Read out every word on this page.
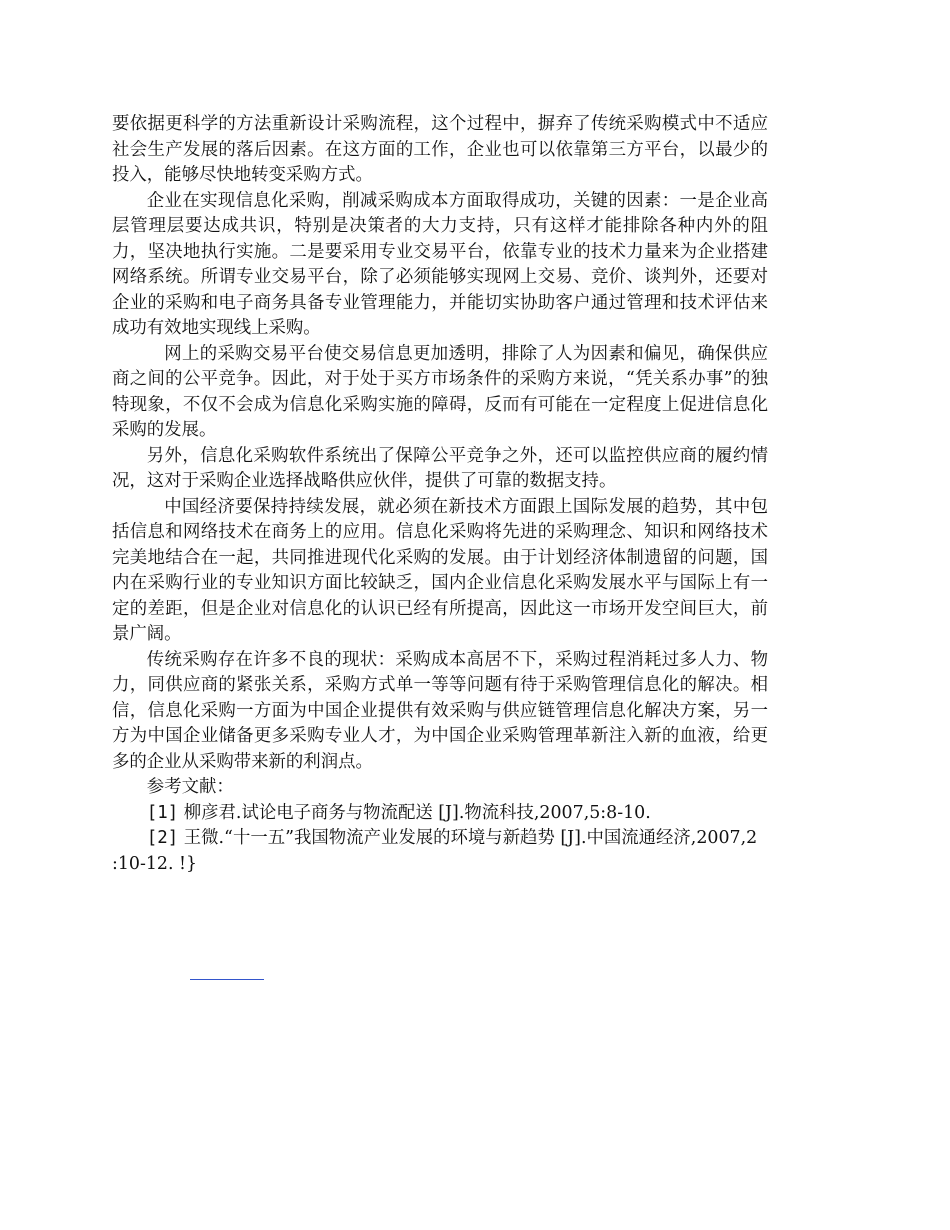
要依据更科学的方法重新设计采购流程，这个过程中，摒弃了传统采购模式中不适应社会生产发展的落后因素。在这方面的工作，企业也可以依靠第三方平台，以最少的投入，能够尽快地转变采购方式。

企业在实现信息化采购，削减采购成本方面取得成功，关键的因素：一是企业高层管理层要达成共识，特别是决策者的大力支持，只有这样才能排除各种内外的阻力，坚决地执行实施。二是要采用专业交易平台，依靠专业的技术力量来为企业搭建网络系统。所谓专业交易平台，除了必须能够实现网上交易、竞价、谈判外，还要对企业的采购和电子商务具备专业管理能力，并能切实协助客户通过管理和技术评估来成功有效地实现线上采购。

网上的采购交易平台使交易信息更加透明，排除了人为因素和偏见，确保供应商之间的公平竞争。因此，对于处于买方市场条件的采购方来说，“凭关系办事”的独特现象，不仅不会成为信息化采购实施的障碍，反而有可能在一定程度上促进信息化采购的发展。

另外，信息化采购软件系统出了保障公平竞争之外，还可以监控供应商的履约情况，这对于采购企业选择战略供应伙伴，提供了可靠的数据支持。

中国经济要保持持续发展，就必须在新技术方面跟上国际发展的趋势，其中包括信息和网络技术在商务上的应用。信息化采购将先进的采购理念、知识和网络技术完美地结合在一起，共同推进现代化采购的发展。由于计划经济体制遗留的问题，国内在采购行业的专业知识方面比较缺乏，国内企业信息化采购发展水平与国际上有一定的差距，但是企业对信息化的认识已经有所提高，因此这一市场开发空间巨大，前景广阔。

传统采购存在许多不良的现状：采购成本高居不下，采购过程消耗过多人力、物力，同供应商的紧张关系，采购方式单一等等问题有待于采购管理信息化的解决。相信，信息化采购一方面为中国企业提供有效采购与供应链管理信息化解决方案，另一方为中国企业储备更多采购专业人才，为中国企业采购管理革新注入新的血液，给更多的企业从采购带来新的利润点。

参考文献：

[1] 柳彦君.试论电子商务与物流配送 [J].物流科技,2007,5:8-10.

[2] 王微.“十一五”我国物流产业发展的环境与新趋势 [J].中国流通经济,2007,2 :10-12. !}
